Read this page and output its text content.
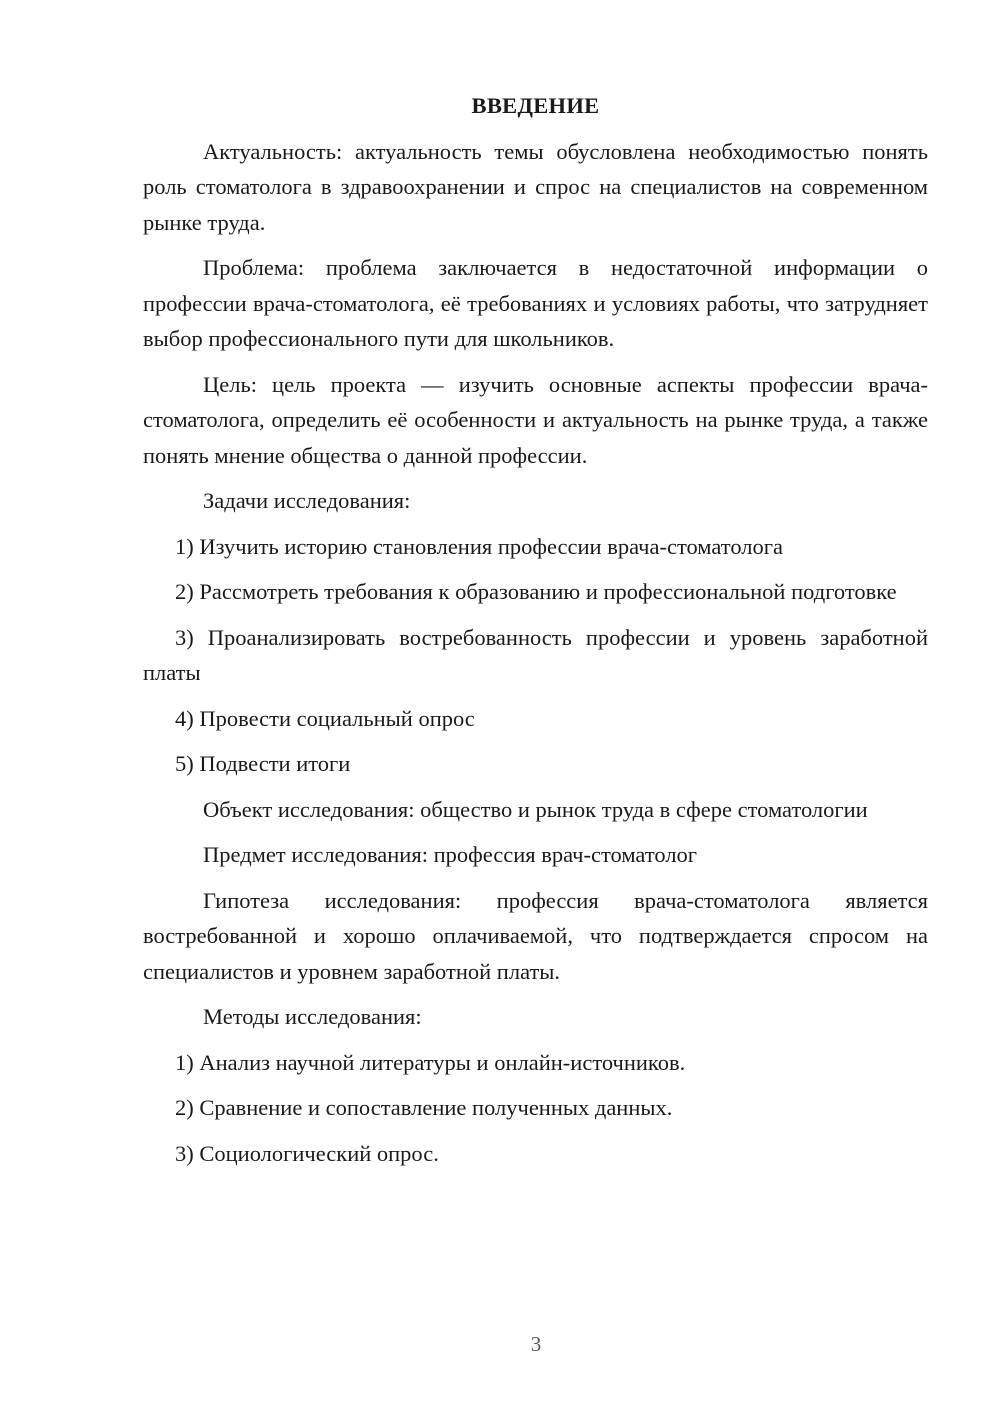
ВВЕДЕНИЕ

Актуальность: актуальность темы обусловлена необходимостью понять роль стоматолога в здравоохранении и спрос на специалистов на современном рынке труда.

Проблема: проблема заключается в недостаточной информации о профессии врача-стоматолога, её требованиях и условиях работы, что затрудняет выбор профессионального пути для школьников.

Цель: цель проекта — изучить основные аспекты профессии врача-стоматолога, определить её особенности и актуальность на рынке труда, а также понять мнение общества о данной профессии.

Задачи исследования:

1) Изучить историю становления профессии врача-стоматолога

2) Рассмотреть требования к образованию и профессиональной подготовке

3) Проанализировать востребованность профессии и уровень заработной платы

4) Провести социальный опрос

5) Подвести итоги

Объект исследования: общество и рынок труда в сфере стоматологии

Предмет исследования: профессия врач-стоматолог

Гипотеза исследования: профессия врача-стоматолога является востребованной и хорошо оплачиваемой, что подтверждается спросом на специалистов и уровнем заработной платы.

Методы исследования:

1) Анализ научной литературы и онлайн-источников.

2) Сравнение и сопоставление полученных данных.

3) Социологический опрос.

3
